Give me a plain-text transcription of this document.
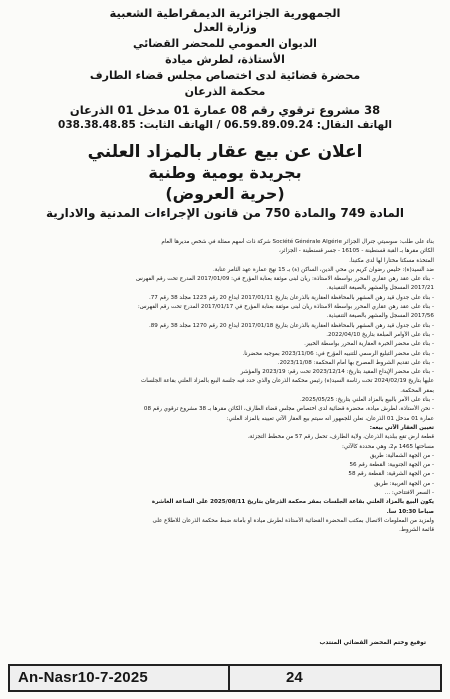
الجمهورية الجزائرية الديمقراطية الشعبية
وزارة العدل
الديوان العمومي للمحضر القضائي
الأستاذة، لطرش ميادة
محضرة قضائية لدى اختصاص مجلس قضاء الطارف
محكمة الذرعان
38 مشروع ترقوي رقم 08 عمارة 01 مدخل 01 الذرعان
الهاتف النقال: 06.59.89.09.24 / الهاتف الثابت: 038.38.48.85
اعلان عن بيع عقار بالمزاد العلني
بجريدة يومية وطنية
(حرية العروض)
المادة 749 والمادة 750 من قانون الإجراءات المدنية والادارية

بناء على طلب: سوسيتي جنرال الجزائر Société Générale Algérie شركة ذات أسهم ممثلة في شخص مديرها العام

الكائن مقرها بـ القبة قسنطينة - 16105 - جسر قسنطينة - الجزائر،

المتخذة مسكنا مختارا لها لدى مكتبنا.

ضد السيد(ة): حليس رضوان كريم بن محي الدين، الساكن (ة) بـ 15 نهج عمارة عهد الثامر عنابة.

- بناء على عقد رهن عقاري المحرر بواسطة الاستاذة: ريان لبنى موثقة بعنابة المؤرخ في: 2017/01/09 المدرج تحت رقم الفهرس

2017/21 المسجل والمشهر بالصيغة التنفيذية.

- بناء على جدول قيد رهن المشهر بالمحافظة العقارية بالذرعان بتاريخ 2017/01/11 ايداع 20 رقم 1223 مجلد 38 رقم 77.

- بناء على عقد رهن عقاري المحرر بواسطة الاستاذة ريان لبنى موثقة بعنابة المؤرخ في 2017/01/17 المدرج تحت رقم الفهرس:

2017/56 المسجل والمشهر بالصيغة التنفيذية.

- بناء على جدول قيد رهن المشهر بالمحافظة العقارية بالذرعان بتاريخ 2017/01/18 ايداع 20 رقم 1270 مجلد 38 رقم 89.

- بناء على الأوامر المبلغة بتاريخ 2022/04/10.

- بناء على محضر الخبرة العقارية المحرر بواسطة الخبير.

- بناء على محضر التبليغ الرسمي للتنبيه المؤرخ في: 2023/11/06 بموجبه محضرنا.

- بناء على تقديم الشروط المصرح بها أمام المحكمة: 2023/11/08.

- بناء على محضر الإيداع المقيد بتاريخ: 2023/12/14 تحت رقم: 2023/19 والمؤشر

عليها بتاريخ 2024/02/19 تحت رئاسة السيد(ة) رئيس محكمة الذرعان والذي حدد فيه جلسة البيع بالمزاد العلني بقاعة الجلسات

بمقر المحكمة.

- بناء على الأمر بالبيع بالمزاد العلني بتاريخ: 2025/05/25.

- نحن الأستاذة، لطرش ميادة، محضرة قضائية لدى اختصاص مجلس قضاء الطارف، الكائن مقرها بـ 38 مشروع ترقوي رقم 08

عمارة 01 مدخل 01 الذرعان، نعلن للجمهور أنه سيتم بيع العقار الآتي تعيينه بالمزاد العلني:

تعيين العقار الآتي بيعه:

قطعة أرض تقع ببلدية الذرعان، ولاية الطارف، تحمل رقم 57 من مخطط التجزئة،

مساحتها 1465 م2، وهي محددة كالآتي:

- من الجهة الشمالية: طريق

- من الجهة الجنوبية: القطعة رقم 56

- من الجهة الشرقية: القطعة رقم 58

- من الجهة الغربية: طريق

- السعر الافتتاحي: ...

يكون البيع بالمزاد العلني بقاعة الجلسات بمقر محكمة الذرعان بتاريخ 2025/08/11 على الساعة العاشرة

صباحا 10:30 سا.

ولمزيد من المعلومات الاتصال بمكتب المحضرة القضائية الأستاذة لطرش ميادة أو بأمانة ضبط محكمة الذرعان للاطلاع على

قائمة الشروط.

توقيع وختم المحضر القضائي المنتدب
An-Nasr10-7-2025	24
